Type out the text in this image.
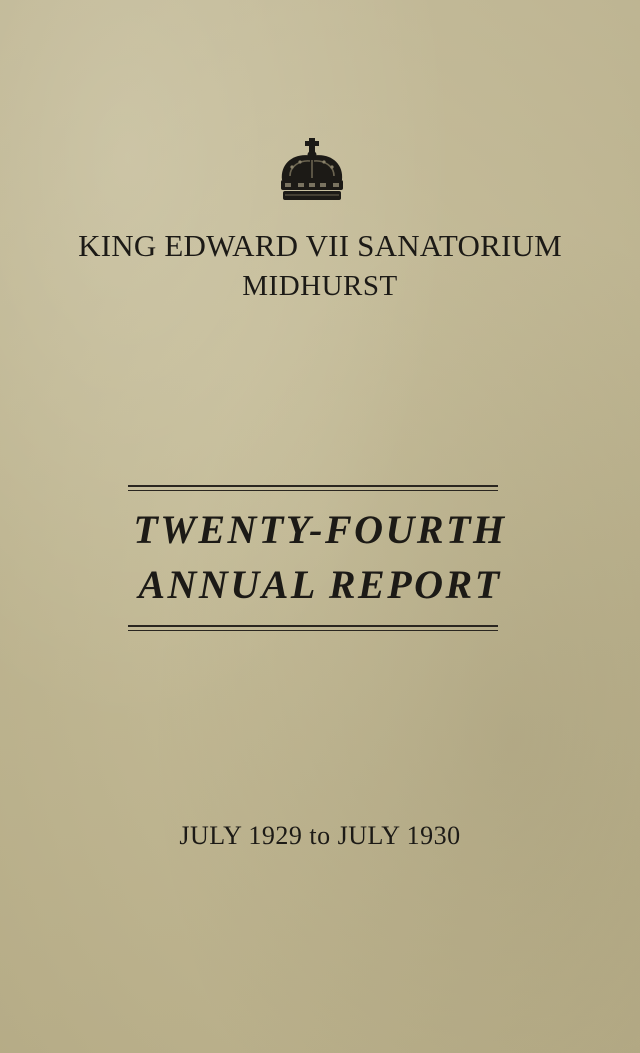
KING EDWARD VII SANATORIUM
MIDHURST
TWENTY-FOURTH
ANNUAL REPORT
JULY 1929 to JULY 1930
